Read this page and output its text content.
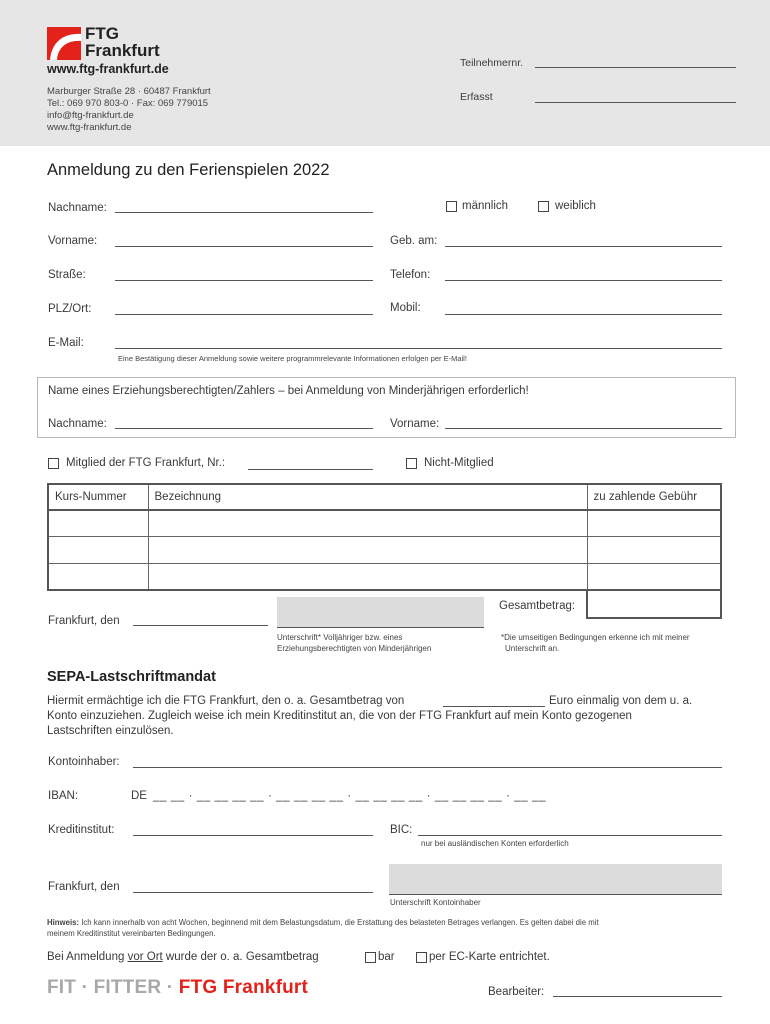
FTG
Frankfurt
www.ftg-frankfurt.de
Marburger Straße 28 · 60487 Frankfurt
Tel.: 069 970 803-0 · Fax: 069 779015
info@ftg-frankfurt.de
www.ftg-frankfurt.de
Teilnehmernr.
Erfasst
Anmeldung zu den Ferienspielen 2022
Nachname:	männlich	weiblich
Vorname:	Geb. am:
Straße:	Telefon:
PLZ/Ort:	Mobil:
E-Mail:
Eine Bestätigung dieser Anmeldung sowie weitere programmrelevante Informationen erfolgen per E-Mail!
Name eines Erziehungsberechtigten/Zahlers – bei Anmeldung von Minderjährigen erforderlich!
Nachname:	Vorname:
Mitglied der FTG Frankfurt, Nr.:	Nicht-Mitglied
Kurs-Nummer	Bezeichnung	zu zahlende Gebühr

Gesamtbetrag:
Frankfurt, den
Unterschrift* Volljähriger bzw. eines
Erziehungsberechtigten von Minderjährigen
*Die umseitigen Bedingungen erkenne ich mit meiner
Unterschrift an.
SEPA-Lastschriftmandat
Hiermit ermächtige ich die FTG Frankfurt, den o. a. Gesamtbetrag von	Euro einmalig von dem u. a.
Konto einzuziehen. Zugleich weise ich mein Kreditinstitut an, die von der FTG Frankfurt auf mein Konto gezogenen
Lastschriften einzulösen.
Kontoinhaber:
IBAN:	DE __ __ · __ __ __ __ · __ __ __ __ · __ __ __ __ · __ __ __ __ · __ __
Kreditinstitut:	BIC:
nur bei ausländischen Konten erforderlich
Frankfurt, den
Unterschrift Kontoinhaber
Hinweis: Ich kann innerhalb von acht Wochen, beginnend mit dem Belastungsdatum, die Erstattung des belasteten Betrages verlangen. Es gelten dabei die mit
meinem Kreditinstitut vereinbarten Bedingungen.
Bei Anmeldung vor Ort wurde der o. a. Gesamtbetrag	bar	per EC-Karte entrichtet.
FIT · FITTER · FTG Frankfurt	Bearbeiter:
